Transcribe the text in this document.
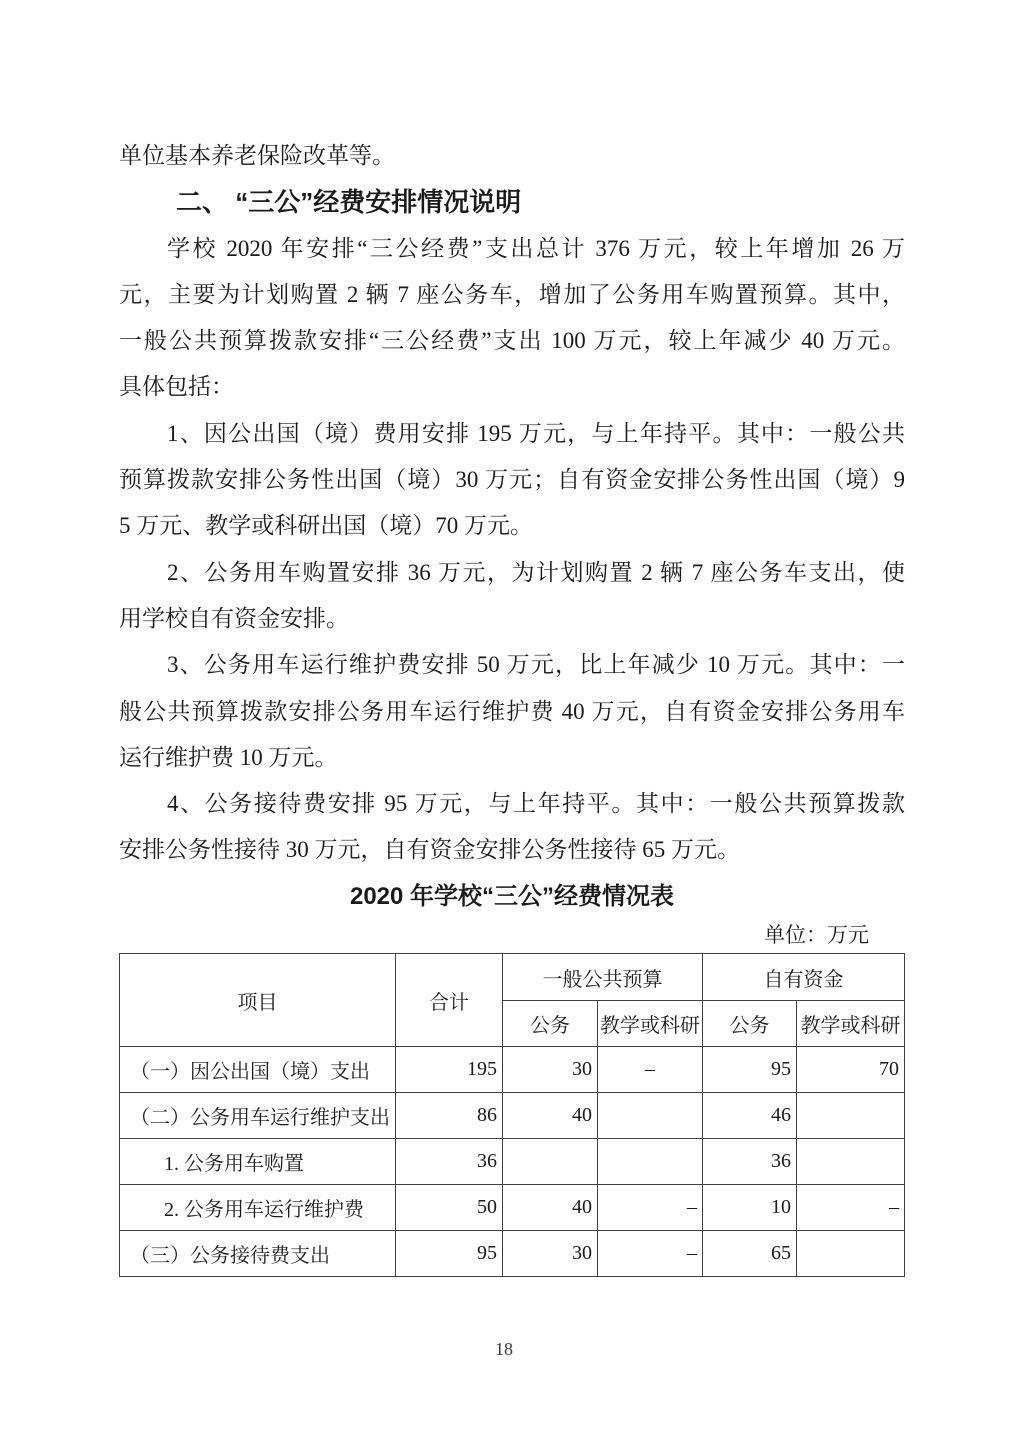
单位基本养老保险改革等。
二、 “三公”经费安排情况说明
学校 2020 年安排“三公经费”支出总计 376 万元，较上年增加 26 万
元，主要为计划购置 2 辆 7 座公务车，增加了公务用车购置预算。其中，
一般公共预算拨款安排“三公经费”支出 100 万元，较上年减少 40 万元。
具体包括：
1、因公出国（境）费用安排 195 万元，与上年持平。其中：一般公共
预算拨款安排公务性出国（境）30 万元；自有资金安排公务性出国（境）9
5 万元、教学或科研出国（境）70 万元。
2、公务用车购置安排 36 万元，为计划购置 2 辆 7 座公务车支出，使
用学校自有资金安排。
3、公务用车运行维护费安排 50 万元，比上年减少 10 万元。其中：一
般公共预算拨款安排公务用车运行维护费 40 万元，自有资金安排公务用车
运行维护费 10 万元。
4、公务接待费安排 95 万元，与上年持平。其中：一般公共预算拨款
安排公务性接待 30 万元，自有资金安排公务性接待 65 万元。
2020 年学校“三公”经费情况表
单位：万元
项目	合计	一般公共预算		自有资金	
		公务	教学或科研	公务	教学或科研
（一）因公出国（境）支出	195	30	–	95	70
（二）公务用车运行维护支出	86	40		46	
1. 公务用车购置	36			36	
2. 公务用车运行维护费	50	40	–	10	–
（三）公务接待费支出	95	30	–	65	
18
